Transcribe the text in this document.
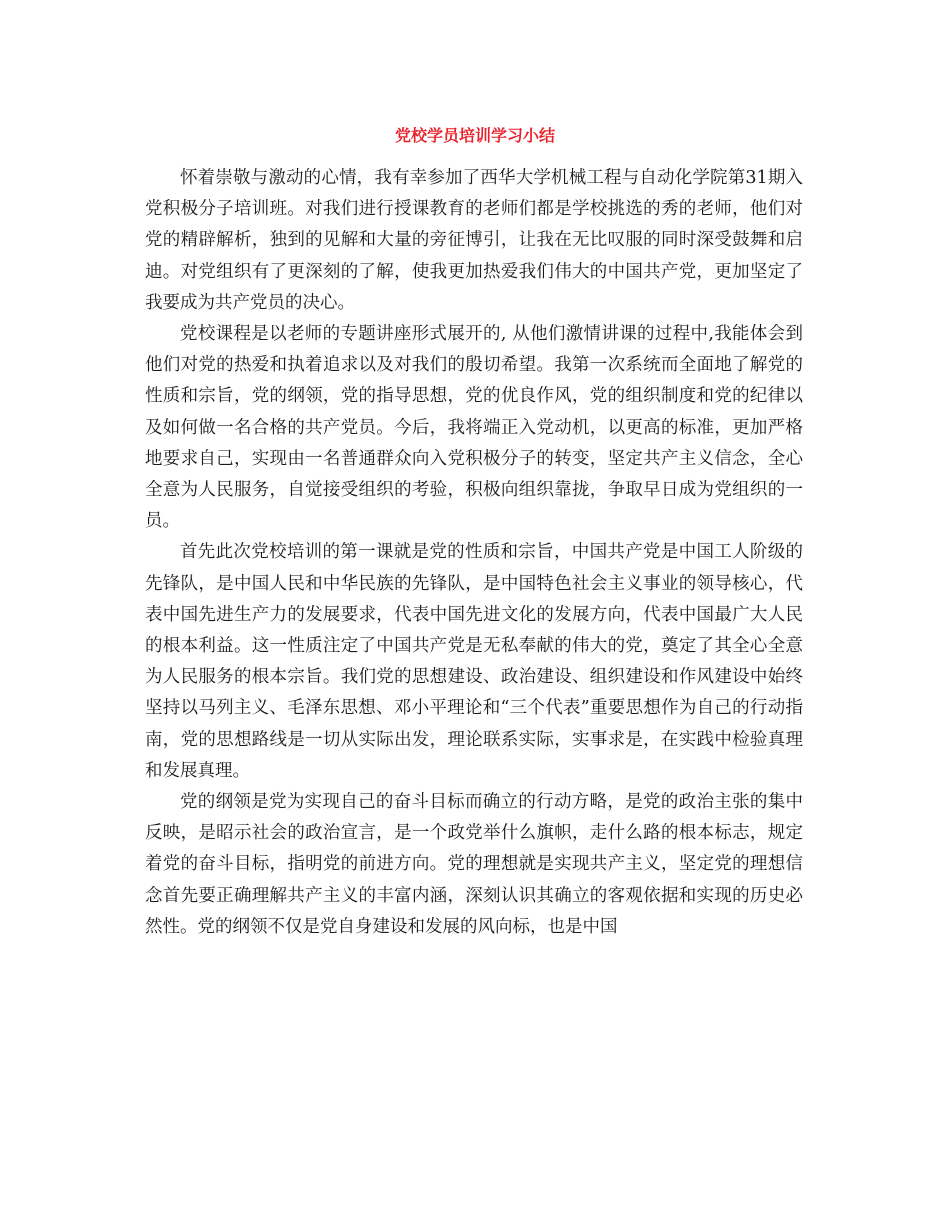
党校学员培训学习小结

怀着崇敬与激动的心情，我有幸参加了西华大学机械工程与自动化学院第31期入党积极分子培训班。对我们进行授课教育的老师们都是学校挑选的秀的老师，他们对党的精辟解析，独到的见解和大量的旁征博引，让我在无比叹服的同时深受鼓舞和启迪。对党组织有了更深刻的了解，使我更加热爱我们伟大的中国共产党，更加坚定了我要成为共产党员的决心。

党校课程是以老师的专题讲座形式展开的, 从他们激情讲课的过程中,我能体会到他们对党的热爱和执着追求以及对我们的殷切希望。我第一次系统而全面地了解党的性质和宗旨，党的纲领，党的指导思想，党的优良作风，党的组织制度和党的纪律以及如何做一名合格的共产党员。今后，我将端正入党动机，以更高的标准，更加严格地要求自己，实现由一名普通群众向入党积极分子的转变，坚定共产主义信念，全心全意为人民服务，自觉接受组织的考验，积极向组织靠拢，争取早日成为党组织的一员。

首先此次党校培训的第一课就是党的性质和宗旨，中国共产党是中国工人阶级的先锋队，是中国人民和中华民族的先锋队，是中国特色社会主义事业的领导核心，代表中国先进生产力的发展要求，代表中国先进文化的发展方向，代表中国最广大人民的根本利益。这一性质注定了中国共产党是无私奉献的伟大的党，奠定了其全心全意为人民服务的根本宗旨。我们党的思想建设、政治建设、组织建设和作风建设中始终坚持以马列主义、毛泽东思想、邓小平理论和“三个代表”重要思想作为自己的行动指南，党的思想路线是一切从实际出发，理论联系实际，实事求是，在实践中检验真理和发展真理。

党的纲领是党为实现自己的奋斗目标而确立的行动方略，是党的政治主张的集中反映，是昭示社会的政治宣言，是一个政党举什么旗帜，走什么路的根本标志，规定着党的奋斗目标，指明党的前进方向。党的理想就是实现共产主义，坚定党的理想信念首先要正确理解共产主义的丰富内涵，深刻认识其确立的客观依据和实现的历史必然性。党的纲领不仅是党自身建设和发展的风向标，也是中国
